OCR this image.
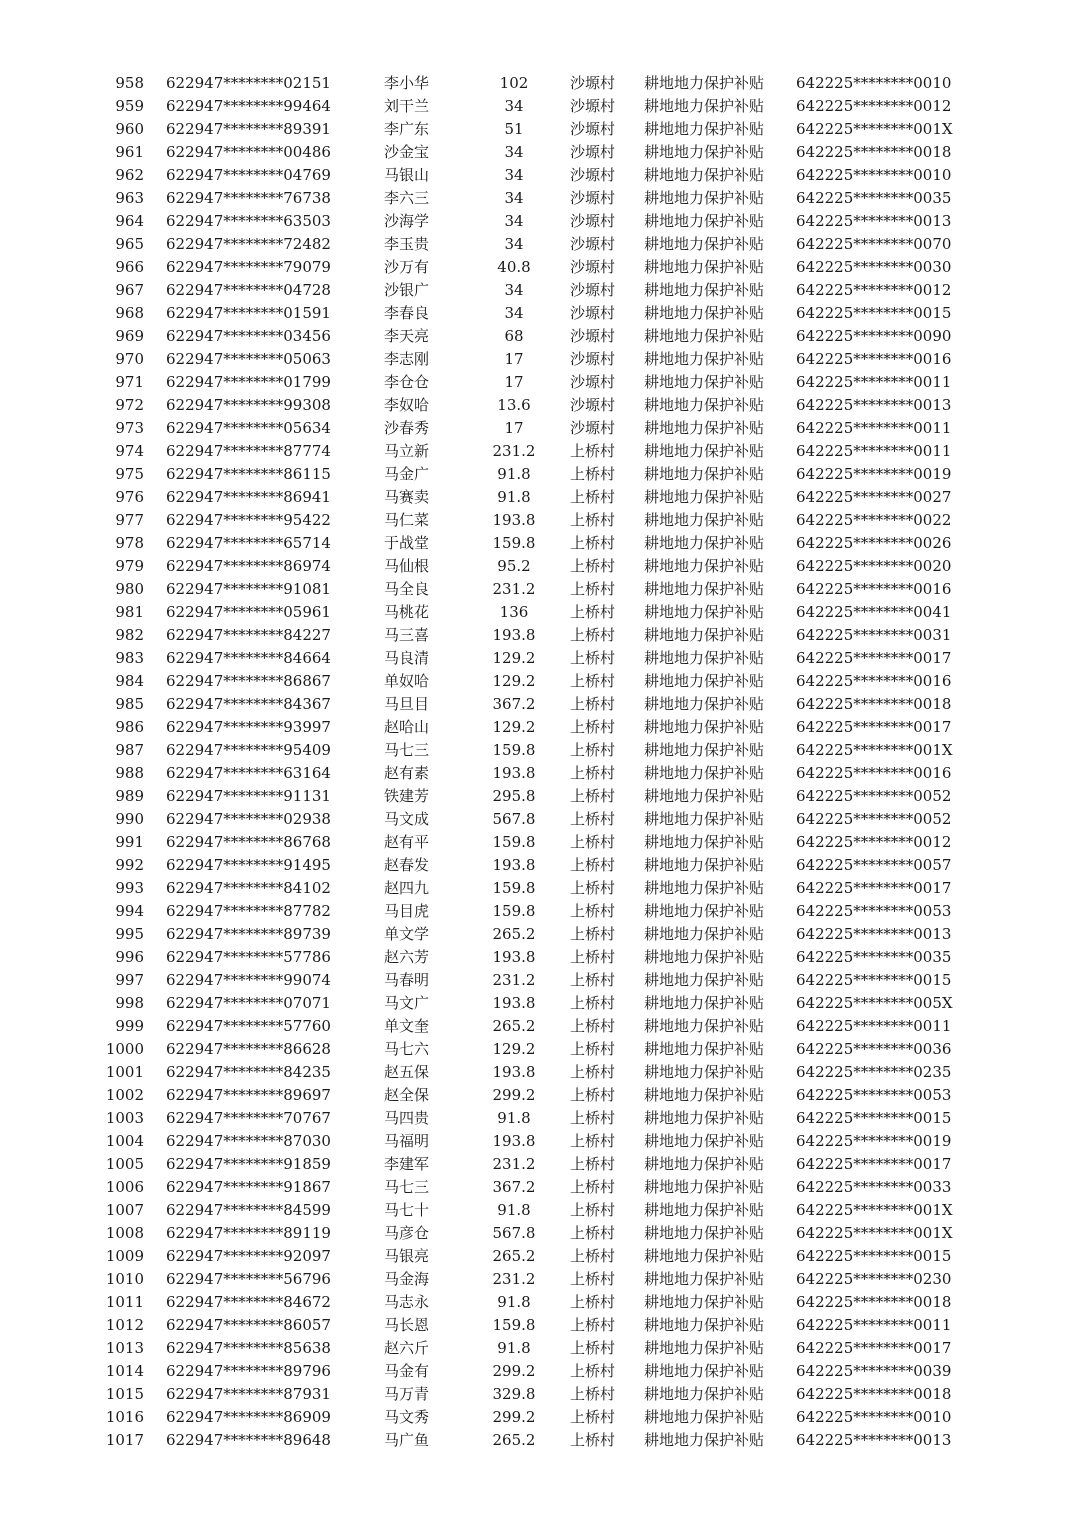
958 622947********02151	李小华	102	沙塬村	耕地地力保护补贴	642225********0010
959 622947********99464	刘干兰	34	沙塬村	耕地地力保护补贴	642225********0012
960 622947********89391	李广东	51	沙塬村	耕地地力保护补贴	642225********001X
961 622947********00486	沙金宝	34	沙塬村	耕地地力保护补贴	642225********0018
962 622947********04769	马银山	34	沙塬村	耕地地力保护补贴	642225********0010
963 622947********76738	李六三	34	沙塬村	耕地地力保护补贴	642225********0035
964 622947********63503	沙海学	34	沙塬村	耕地地力保护补贴	642225********0013
965 622947********72482	李玉贵	34	沙塬村	耕地地力保护补贴	642225********0070
966 622947********79079	沙万有	40.8	沙塬村	耕地地力保护补贴	642225********0030
967 622947********04728	沙银广	34	沙塬村	耕地地力保护补贴	642225********0012
968 622947********01591	李春良	34	沙塬村	耕地地力保护补贴	642225********0015
969 622947********03456	李天亮	68	沙塬村	耕地地力保护补贴	642225********0090
970 622947********05063	李志刚	17	沙塬村	耕地地力保护补贴	642225********0016
971 622947********01799	李仓仓	17	沙塬村	耕地地力保护补贴	642225********0011
972 622947********99308	李奴哈	13.6	沙塬村	耕地地力保护补贴	642225********0013
973 622947********05634	沙春秀	17	沙塬村	耕地地力保护补贴	642225********0011
974 622947********87774	马立新	231.2	上桥村	耕地地力保护补贴	642225********0011
975 622947********86115	马金广	91.8	上桥村	耕地地力保护补贴	642225********0019
976 622947********86941	马赛卖	91.8	上桥村	耕地地力保护补贴	642225********0027
977 622947********95422	马仁菜	193.8	上桥村	耕地地力保护补贴	642225********0022
978 622947********65714	于战堂	159.8	上桥村	耕地地力保护补贴	642225********0026
979 622947********86974	马仙根	95.2	上桥村	耕地地力保护补贴	642225********0020
980 622947********91081	马全良	231.2	上桥村	耕地地力保护补贴	642225********0016
981 622947********05961	马桃花	136	上桥村	耕地地力保护补贴	642225********0041
982 622947********84227	马三喜	193.8	上桥村	耕地地力保护补贴	642225********0031
983 622947********84664	马良清	129.2	上桥村	耕地地力保护补贴	642225********0017
984 622947********86867	单奴哈	129.2	上桥村	耕地地力保护补贴	642225********0016
985 622947********84367	马旦目	367.2	上桥村	耕地地力保护补贴	642225********0018
986 622947********93997	赵哈山	129.2	上桥村	耕地地力保护补贴	642225********0017
987 622947********95409	马七三	159.8	上桥村	耕地地力保护补贴	642225********001X
988 622947********63164	赵有素	193.8	上桥村	耕地地力保护补贴	642225********0016
989 622947********91131	铁建芳	295.8	上桥村	耕地地力保护补贴	642225********0052
990 622947********02938	马文成	567.8	上桥村	耕地地力保护补贴	642225********0052
991 622947********86768	赵有平	159.8	上桥村	耕地地力保护补贴	642225********0012
992 622947********91495	赵春发	193.8	上桥村	耕地地力保护补贴	642225********0057
993 622947********84102	赵四九	159.8	上桥村	耕地地力保护补贴	642225********0017
994 622947********87782	马目虎	159.8	上桥村	耕地地力保护补贴	642225********0053
995 622947********89739	单文学	265.2	上桥村	耕地地力保护补贴	642225********0013
996 622947********57786	赵六芳	193.8	上桥村	耕地地力保护补贴	642225********0035
997 622947********99074	马春明	231.2	上桥村	耕地地力保护补贴	642225********0015
998 622947********07071	马文广	193.8	上桥村	耕地地力保护补贴	642225********005X
999 622947********57760	单文奎	265.2	上桥村	耕地地力保护补贴	642225********0011
1000 622947********86628	马七六	129.2	上桥村	耕地地力保护补贴	642225********0036
1001 622947********84235	赵五保	193.8	上桥村	耕地地力保护补贴	642225********0235
1002 622947********89697	赵全保	299.2	上桥村	耕地地力保护补贴	642225********0053
1003 622947********70767	马四贵	91.8	上桥村	耕地地力保护补贴	642225********0015
1004 622947********87030	马福明	193.8	上桥村	耕地地力保护补贴	642225********0019
1005 622947********91859	李建军	231.2	上桥村	耕地地力保护补贴	642225********0017
1006 622947********91867	马七三	367.2	上桥村	耕地地力保护补贴	642225********0033
1007 622947********84599	马七十	91.8	上桥村	耕地地力保护补贴	642225********001X
1008 622947********89119	马彦仓	567.8	上桥村	耕地地力保护补贴	642225********001X
1009 622947********92097	马银亮	265.2	上桥村	耕地地力保护补贴	642225********0015
1010 622947********56796	马金海	231.2	上桥村	耕地地力保护补贴	642225********0230
1011 622947********84672	马志永	91.8	上桥村	耕地地力保护补贴	642225********0018
1012 622947********86057	马长恩	159.8	上桥村	耕地地力保护补贴	642225********0011
1013 622947********85638	赵六斤	91.8	上桥村	耕地地力保护补贴	642225********0017
1014 622947********89796	马金有	299.2	上桥村	耕地地力保护补贴	642225********0039
1015 622947********87931	马万青	329.8	上桥村	耕地地力保护补贴	642225********0018
1016 622947********86909	马文秀	299.2	上桥村	耕地地力保护补贴	642225********0010
1017 622947********89648	马广鱼	265.2	上桥村	耕地地力保护补贴	642225********0013
